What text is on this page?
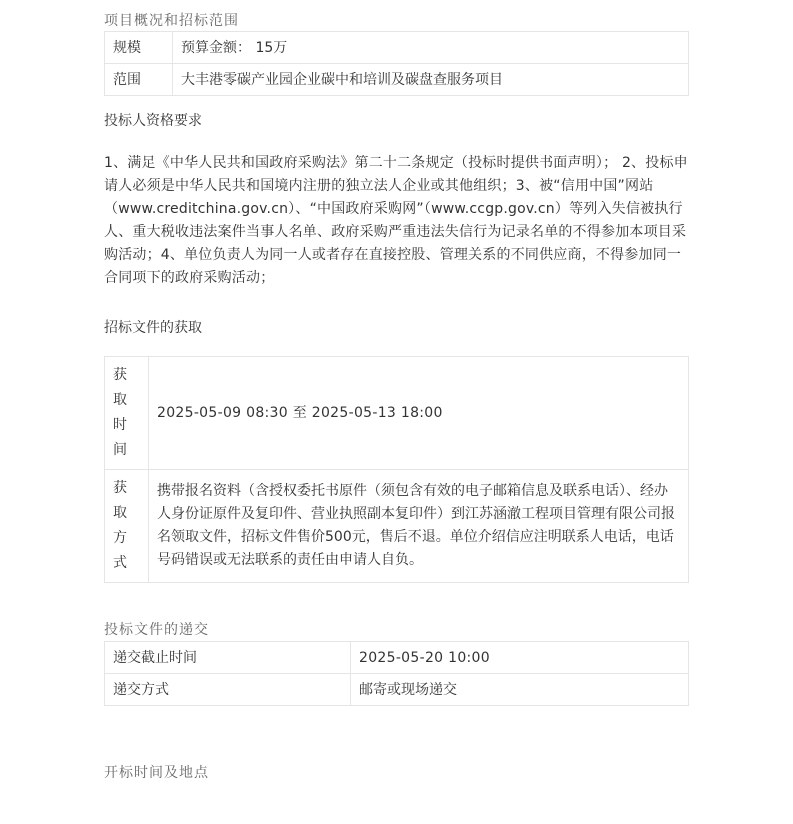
项目概况和招标范围
规模	预算金额： 15万
范围	大丰港零碳产业园企业碳中和培训及碳盘查服务项目
投标人资格要求
1、满足《中华人民共和国政府采购法》第二十二条规定（投标时提供书面声明）； 2、投标申请人必须是中华人民共和国境内注册的独立法人企业或其他组织；3、被“信用中国”网站（www.creditchina.gov.cn）、“中国政府采购网”（www.ccgp.gov.cn）等列入失信被执行人、重大税收违法案件当事人名单、政府采购严重违法失信行为记录名单的不得参加本项目采购活动；4、单位负责人为同一人或者存在直接控股、管理关系的不同供应商，不得参加同一合同项下的政府采购活动；
招标文件的获取
获
取
时
间	2025-05-09 08:30 至 2025-05-13 18:00

获
取
方
式	携带报名资料（含授权委托书原件（须包含有效的电子邮箱信息及联系电话）、经办人身份证原件及复印件、营业执照副本复印件）到江苏涵澈工程项目管理有限公司报名领取文件，招标文件售价500元，售后不退。单位介绍信应注明联系人电话，电话号码错误或无法联系的责任由申请人自负。
投标文件的递交
递交截止时间	2025-05-20 10:00
递交方式	邮寄或现场递交
开标时间及地点
